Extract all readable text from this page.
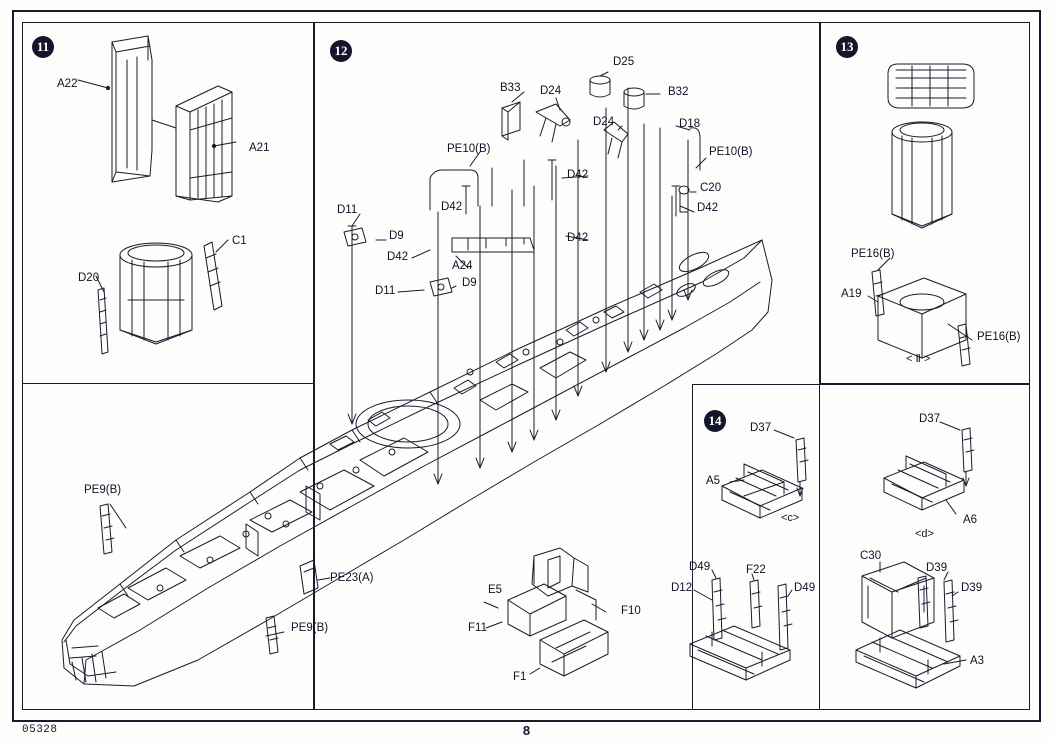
11	12	13
14
A22
A21
C1
D20
D25
B33 D24	B32
D24	D18
PE10(B)	PE10(B)
D42
C20
D11	D42	D42
D9	D42
D42
A24
D11
D9
PE9(B)
PE23(A)
PE9(B)
E5
F11
F10
F1
PE16(B)
A19
PE16(B)
< Ⅱ >
D37
D37
A5
A6
D49	F22
D49
D12
C30
D39
D39
A3
<c>
<d>
05328	8
